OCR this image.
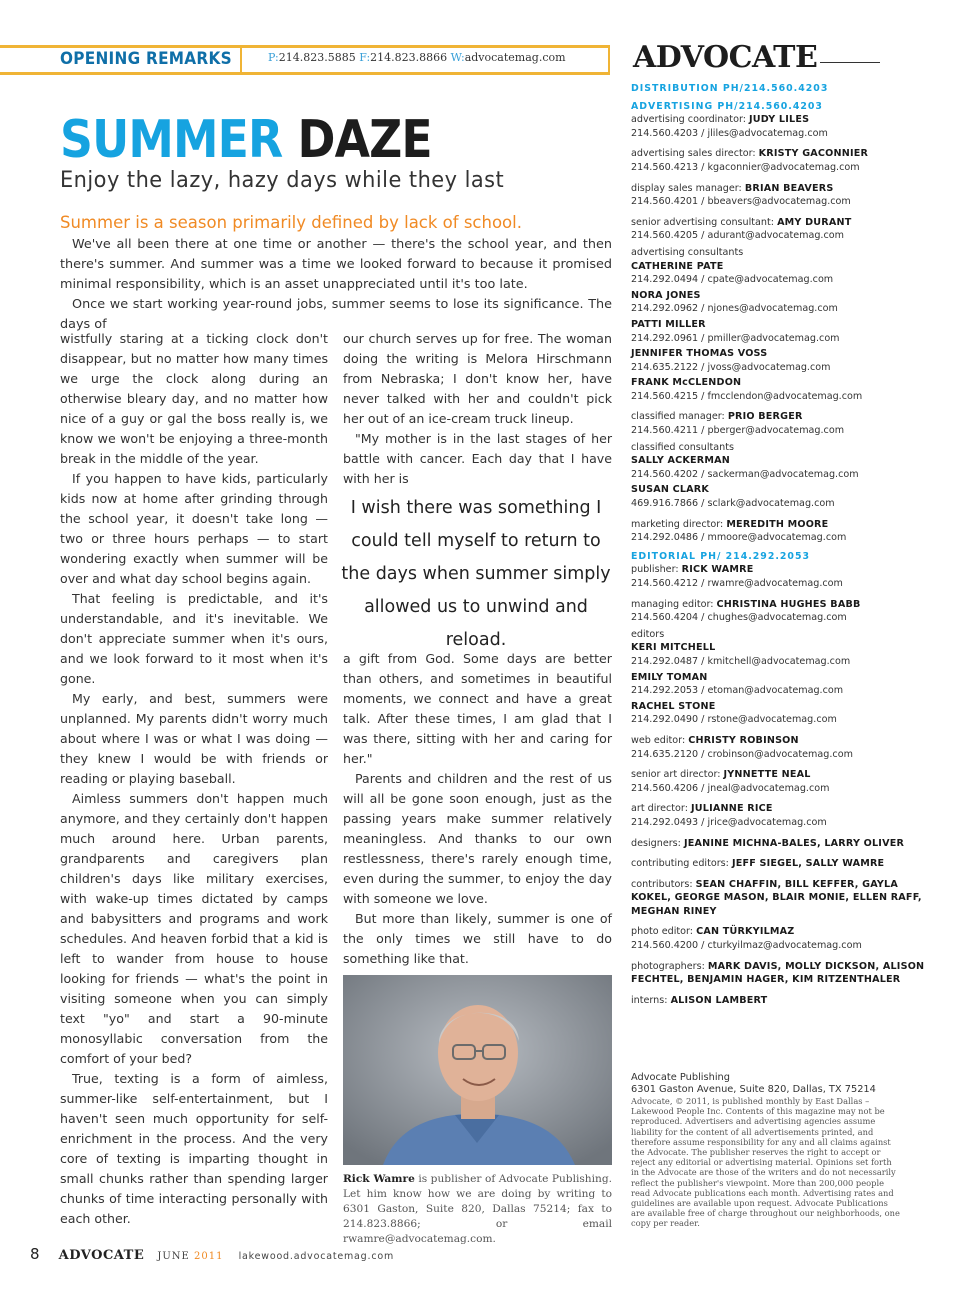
OPENING REMARKS	P:214.823.5885 F:214.823.8866 W:advocatemag.com
SUMMER DAZE
Enjoy the lazy, hazy days while they last
Summer is a season primarily defined by lack of school.

We've all been there at one time or another — there's the school year, and then there's summer. And summer was a time we looked forward to because it promised minimal responsibility, which is an asset unappreciated until it's too late.

Once we start working year-round jobs, summer seems to lose its significance. The days of

wistfully staring at a ticking clock don't disappear, but no matter how many times we urge the clock along during an otherwise bleary day, and no matter how nice of a guy or gal the boss really is, we know we won't be enjoying a three-month break in the middle of the year.

If you happen to have kids, particularly kids now at home after grinding through the school year, it doesn't take long — two or three hours perhaps — to start wondering exactly when summer will be over and what day school begins again.

That feeling is predictable, and it's understandable, and it's inevitable. We don't appreciate summer when it's ours, and we look forward to it most when it's gone.

My early, and best, summers were unplanned. My parents didn't worry much about where I was or what I was doing — they knew I would be with friends or reading or playing baseball.

Aimless summers don't happen much anymore, and they certainly don't happen much around here. Urban parents, grandparents and caregivers plan children's days like military exercises, with wake-up times dictated by camps and babysitters and programs and work schedules. And heaven forbid that a kid is left to wander from house to house looking for friends — what's the point in visiting someone when you can simply text "yo" and start a 90-minute monosyllabic conversation from the comfort of your bed?

True, texting is a form of aimless, summer-like self-entertainment, but I haven't seen much opportunity for self-enrichment in the process. And the very core of texting is imparting thought in small chunks rather than spending larger chunks of time interacting personally with each other.

our church serves up for free. The woman doing the writing is Melora Hirschmann from Nebraska; I don't know her, have never talked with her and couldn't pick her out of an ice-cream truck lineup.

"My mother is in the last stages of her battle with cancer. Each day that I have with her is

I wish there was something I could tell myself to return to the days when summer simply allowed us to unwind and reload.

a gift from God. Some days are better than others, and sometimes in beautiful moments, we connect and have a great talk. After these times, I am glad that I was there, sitting with her and caring for her."

Parents and children and the rest of us will all be gone soon enough, just as the passing years make summer relatively meaningless. And thanks to our own restlessness, there's rarely enough time, even during the summer, to enjoy the day with someone we love.

But more than likely, summer is one of the only times we still have to do something like that.

Rick Wamre is publisher of Advocate Publishing. Let him know how we are doing by writing to 6301 Gaston, Suite 820, Dallas 75214; fax to 214.823.8866; or email rwamre@advocatemag.com.
8 ADVOCATE JUNE 2011 lakewood.advocatemag.com
ADVOCATE
DISTRIBUTION PH/214.560.4203
ADVERTISING PH/214.560.4203
advertising coordinator: JUDY LILES
214.560.4203 / jliles@advocatemag.com
advertising sales director: KRISTY GACONNIER
214.560.4213 / kgaconnier@advocatemag.com
display sales manager: BRIAN BEAVERS
214.560.4201 / bbeavers@advocatemag.com
senior advertising consultant: AMY DURANT
214.560.4205 / adurant@advocatemag.com
advertising consultants
CATHERINE PATE
214.292.0494 / cpate@advocatemag.com
NORA JONES
214.292.0962 / njones@advocatemag.com
PATTI MILLER
214.292.0961 / pmiller@advocatemag.com
JENNIFER THOMAS VOSS
214.635.2122 / jvoss@advocatemag.com
FRANK McCLENDON
214.560.4215 / fmcclendon@advocatemag.com
classified manager: PRIO BERGER
214.560.4211 / pberger@advocatemag.com
classified consultants
SALLY ACKERMAN
214.560.4202 / sackerman@advocatemag.com
SUSAN CLARK
469.916.7866 / sclark@advocatemag.com
marketing director: MEREDITH MOORE
214.292.0486 / mmoore@advocatemag.com
EDITORIAL PH/ 214.292.2053
publisher: RICK WAMRE
214.560.4212 / rwamre@advocatemag.com
managing editor: CHRISTINA HUGHES BABB
214.560.4204 / chughes@advocatemag.com
editors
KERI MITCHELL
214.292.0487 / kmitchell@advocatemag.com
EMILY TOMAN
214.292.2053 / etoman@advocatemag.com
RACHEL STONE
214.292.0490 / rstone@advocatemag.com
web editor: CHRISTY ROBINSON
214.635.2120 / crobinson@advocatemag.com
senior art director: JYNNETTE NEAL
214.560.4206 / jneal@advocatemag.com
art director: JULIANNE RICE
214.292.0493 / jrice@advocatemag.com
designers: JEANINE MICHNA-BALES, LARRY OLIVER
contributing editors: JEFF SIEGEL, SALLY WAMRE
contributors: SEAN CHAFFIN, BILL KEFFER, GAYLA KOKEL, GEORGE MASON, BLAIR MONIE, ELLEN RAFF, MEGHAN RINEY
photo editor: CAN TÜRKYILMAZ
214.560.4200 / cturkyilmaz@advocatemag.com
photographers: MARK DAVIS, MOLLY DICKSON, ALISON FECHTEL, BENJAMIN HAGER, KIM RITZENTHALER
interns: ALISON LAMBERT
Advocate Publishing
6301 Gaston Avenue, Suite 820, Dallas, TX 75214
Advocate, © 2011, is published monthly by East Dallas – Lakewood People Inc. Contents of this magazine may not be reproduced. Advertisers and advertising agencies assume liability for the content of all advertisements printed, and therefore assume responsibility for any and all claims against the Advocate. The publisher reserves the right to accept or reject any editorial or advertising material. Opinions set forth in the Advocate are those of the writers and do not necessarily reflect the publisher's viewpoint. More than 200,000 people read Advocate publications each month. Advertising rates and guidelines are available upon request. Advocate Publications are available free of charge throughout our neighborhoods, one copy per reader.
